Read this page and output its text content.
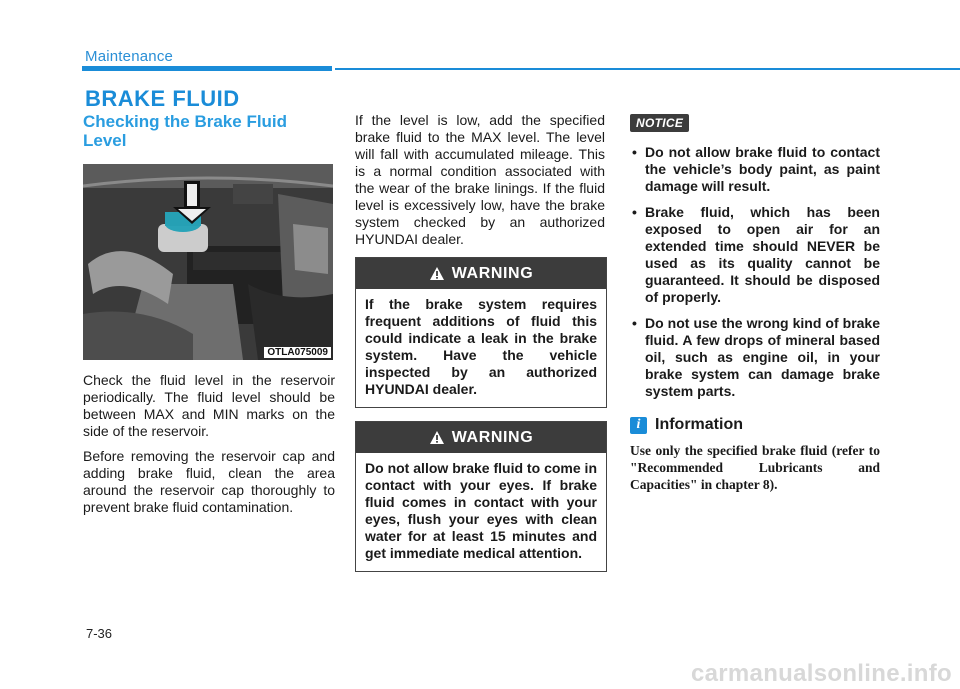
Maintenance
BRAKE FLUID
Checking the Brake Fluid Level
OTLA075009

Check the fluid level in the reservoir periodically. The fluid level should be between MAX and MIN marks on the side of the reservoir.

Before removing the reservoir cap and adding brake fluid, clean the area around the reservoir cap thoroughly to prevent brake fluid contamination.

If the level is low, add the specified brake fluid to the MAX level. The level will fall with accumulated mileage. This is a normal condition associated with the wear of the brake linings. If the fluid level is excessively low, have the brake system checked by an authorized HYUNDAI dealer.

WARNING
If the brake system requires frequent additions of fluid this could indicate a leak in the brake system. Have the vehicle inspected by an authorized HYUNDAI dealer.
WARNING
Do not allow brake fluid to come in contact with your eyes. If brake fluid comes in contact with your eyes, flush your eyes with clean water for at least 15 minutes and get immediate medical attention.
NOTICE
• Do not allow brake fluid to contact the vehicle’s body paint, as paint damage will result.
• Brake fluid, which has been exposed to open air for an extended time should NEVER be used as its quality cannot be guaranteed. It should be disposed of properly.
• Do not use the wrong kind of brake fluid. A few drops of mineral based oil, such as engine oil, in your brake system can damage brake system parts.
i Information
Use only the specified brake fluid (refer to "Recommended Lubricants and Capacities" in chapter 8).
7-36
carmanualsonline.info
